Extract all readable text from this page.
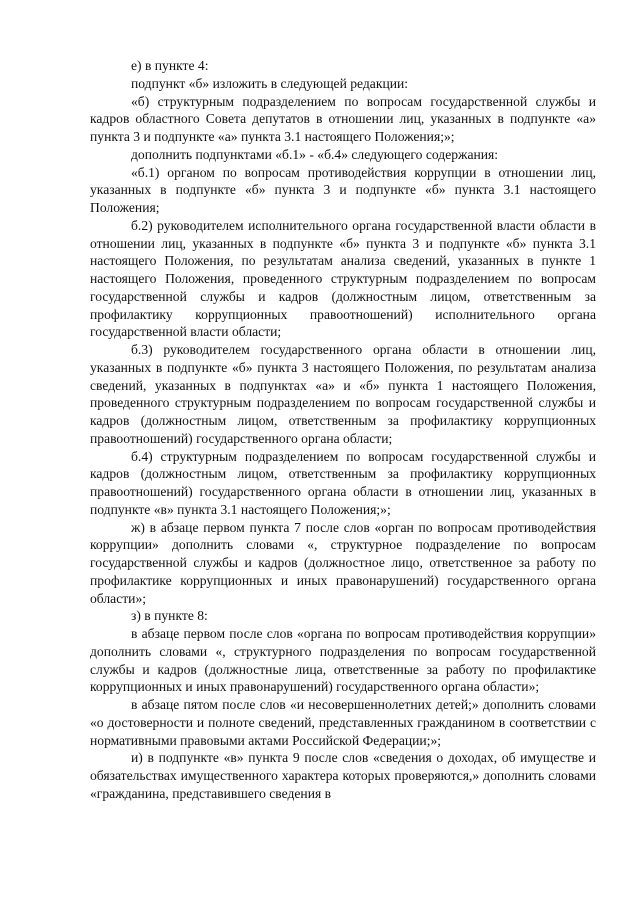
е) в пункте 4:

подпункт «б» изложить в следующей редакции:

«б) структурным подразделением по вопросам государственной службы и кадров областного Совета депутатов в отношении лиц, указанных в подпункте «а» пункта 3 и подпункте «а» пункта 3.1 настоящего Положения;»;

дополнить подпунктами «б.1» - «б.4» следующего содержания:

«б.1) органом по вопросам противодействия коррупции в отношении лиц, указанных в подпункте «б» пункта 3 и подпункте «б» пункта 3.1 настоящего Положения;

б.2) руководителем исполнительного органа государственной власти области в отношении лиц, указанных в подпункте «б» пункта 3 и подпункте «б» пункта 3.1 настоящего Положения, по результатам анализа сведений, указанных в пункте 1 настоящего Положения, проведенного структурным подразделением по вопросам государственной службы и кадров (должностным лицом, ответственным за профилактику коррупционных правоотношений) исполнительного органа государственной власти области;

б.3) руководителем государственного органа области в отношении лиц, указанных в подпункте «б» пункта 3 настоящего Положения, по результатам анализа сведений, указанных в подпунктах «а» и «б» пункта 1 настоящего Положения, проведенного структурным подразделением по вопросам государственной службы и кадров (должностным лицом, ответственным за профилактику коррупционных правоотношений) государственного органа области;

б.4) структурным подразделением по вопросам государственной службы и кадров (должностным лицом, ответственным за профилактику коррупционных правоотношений) государственного органа области в отношении лиц, указанных в подпункте «в» пункта 3.1 настоящего Положения;»;

ж) в абзаце первом пункта 7 после слов «орган по вопросам противодействия коррупции» дополнить словами «, структурное подразделение по вопросам государственной службы и кадров (должностное лицо, ответственное за работу по профилактике коррупционных и иных правонарушений) государственного органа области»;

з) в пункте 8:

в абзаце первом после слов «органа по вопросам противодействия коррупции» дополнить словами «, структурного подразделения по вопросам государственной службы и кадров (должностные лица, ответственные за работу по профилактике коррупционных и иных правонарушений) государственного органа области»;

в абзаце пятом после слов «и несовершеннолетних детей;» дополнить словами «о достоверности и полноте сведений, представленных гражданином в соответствии с нормативными правовыми актами Российской Федерации;»;

и) в подпункте «в» пункта 9 после слов «сведения о доходах, об имуществе и обязательствах имущественного характера которых проверяются,» дополнить словами «гражданина, представившего сведения в
